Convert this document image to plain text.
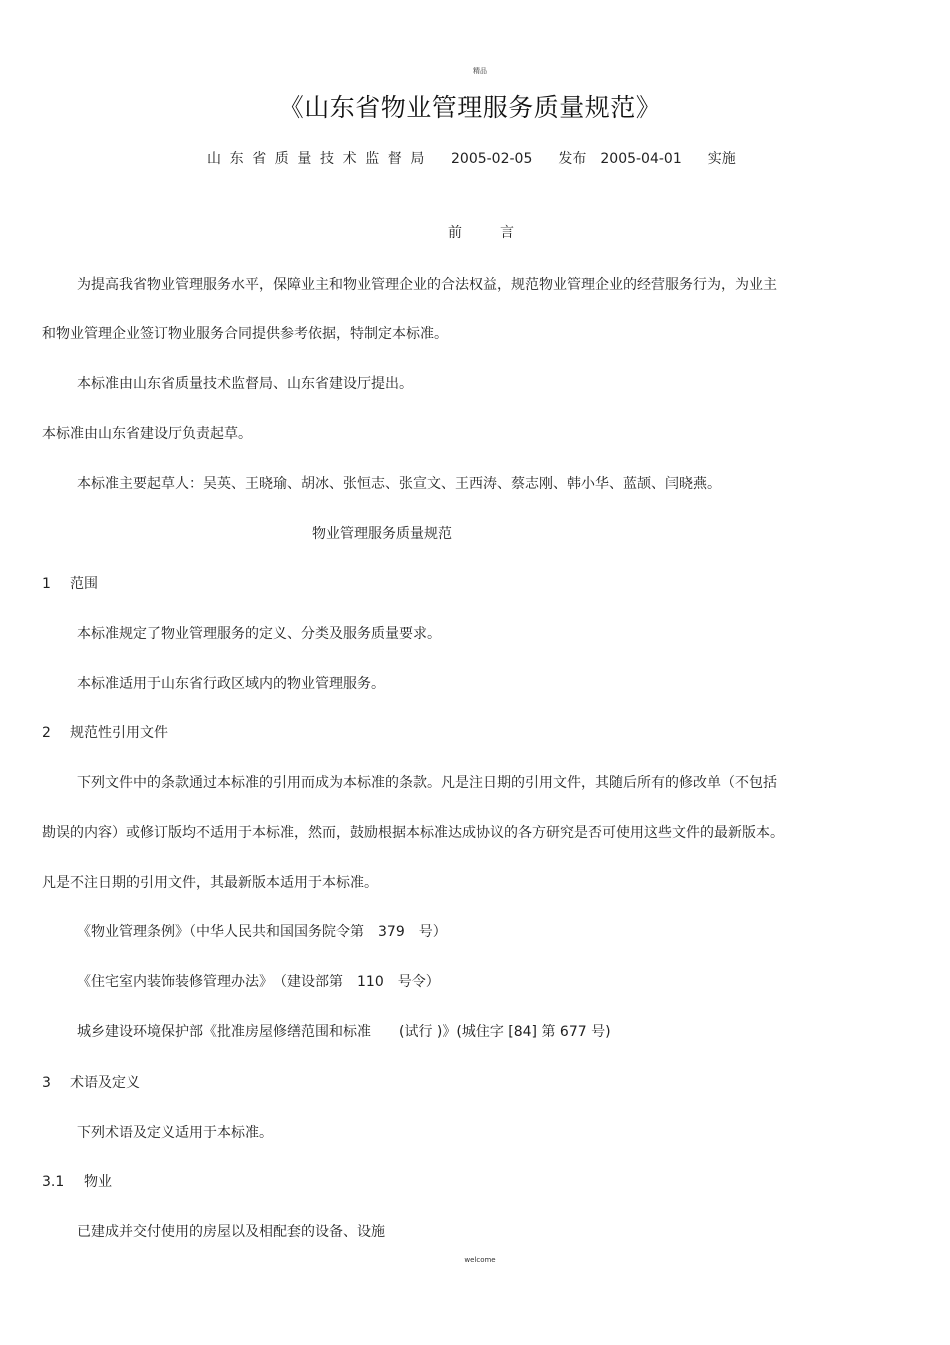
精品
《山东省物业管理服务质量规范》
山东省质量技术监督局 2005-02-05 发布 2005-04-01 实施
前言
为提高我省物业管理服务水平，保障业主和物业管理企业的合法权益，规范物业管理企业的经营服务行为，为业主
和物业管理企业签订物业服务合同提供参考依据，特制定本标准。
本标准由山东省质量技术监督局、山东省建设厅提出。
本标准由山东省建设厅负责起草。
本标准主要起草人：吴英、王晓瑜、胡冰、张恒志、张宣文、王西涛、蔡志刚、韩小华、蓝颉、闫晓燕。
物业管理服务质量规范
1 范围
本标准规定了物业管理服务的定义、分类及服务质量要求。
本标准适用于山东省行政区域内的物业管理服务。
2 规范性引用文件
下列文件中的条款通过本标准的引用而成为本标准的条款。凡是注日期的引用文件，其随后所有的修改单（不包括
勘误的内容）或修订版均不适用于本标准，然而，鼓励根据本标准达成协议的各方研究是否可使用这些文件的最新版本。
凡是不注日期的引用文件，其最新版本适用于本标准。
《物业管理条例》（中华人民共和国国务院令第　379　号）
《住宅室内装饰装修管理办法》　（建设部第　110　号令）
城乡建设环境保护部《批准房屋修缮范围和标准　　(试行 )》(城住字 [84] 第 677 号)
3 术语及定义
下列术语及定义适用于本标准。
3.1 物业
已建成并交付使用的房屋以及相配套的设备、设施
welcome
